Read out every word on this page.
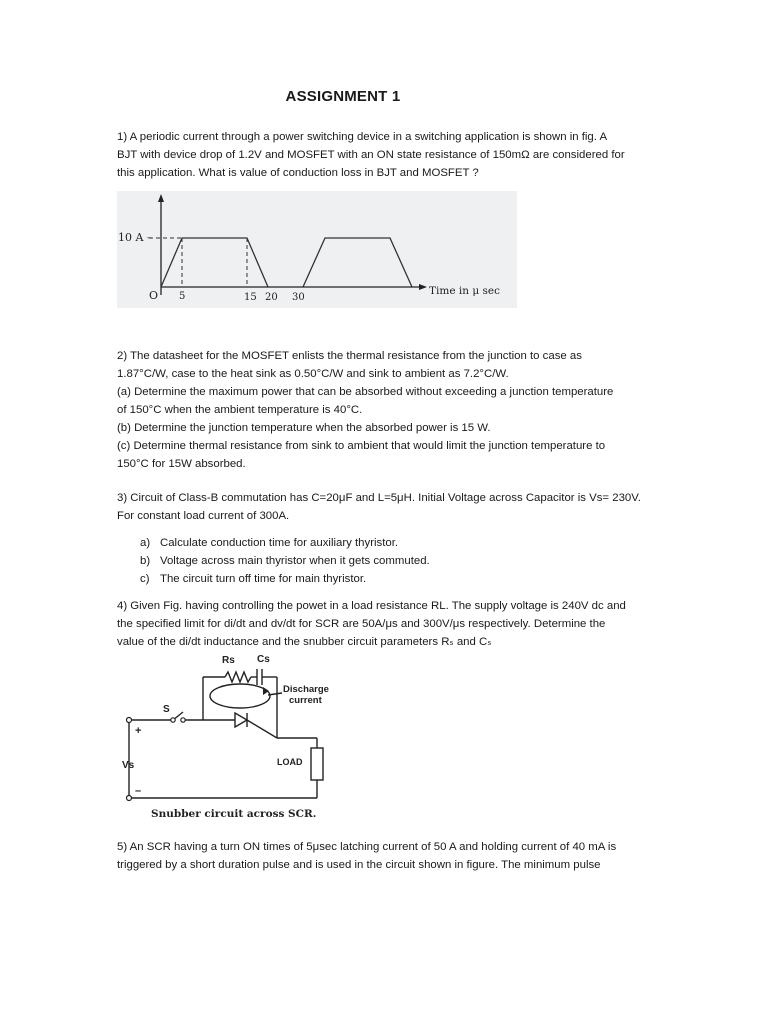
ASSIGNMENT 1
1) A periodic current through a power switching device in a switching application is shown in fig. A
BJT with device drop of 1.2V and MOSFET with an ON state resistance of 150mΩ are considered for
this application. What is value of conduction loss in BJT and MOSFET ?
10 A –
O 5	15 20 30
Time in μ sec
2) The datasheet for the MOSFET enlists the thermal resistance from the junction to case as
1.87°C/W, case to the heat sink as 0.50°C/W and sink to ambient as 7.2°C/W.
(a) Determine the maximum power that can be absorbed without exceeding a junction temperature
of 150°C when the ambient temperature is 40°C.
(b) Determine the junction temperature when the absorbed power is 15 W.
(c) Determine thermal resistance from sink to ambient that would limit the junction temperature to
150°C for 15W absorbed.
3) Circuit of Class-B commutation has C=20μF and L=5μH. Initial Voltage across Capacitor is Vs= 230V.
For constant load current of 300A.
a) Calculate conduction time for auxiliary thyristor.
b) Voltage across main thyristor when it gets commuted.
c) The circuit turn off time for main thyristor.
4) Given Fig. having controlling the powet in a load resistance RL. The supply voltage is 240V dc and
the specified limit for di/dt and dv/dt for SCR are 50A/μs and 300V/μs respectively. Determine the
value of the di/dt inductance and the snubber circuit parameters Rₛ and Cₛ
Rs Cs
Discharge
current
S
+
Vs
–
LOAD
Snubber circuit across SCR.
5) An SCR having a turn ON times of 5μsec latching current of 50 A and holding current of 40 mA is
triggered by a short duration pulse and is used in the circuit shown in figure. The minimum pulse
